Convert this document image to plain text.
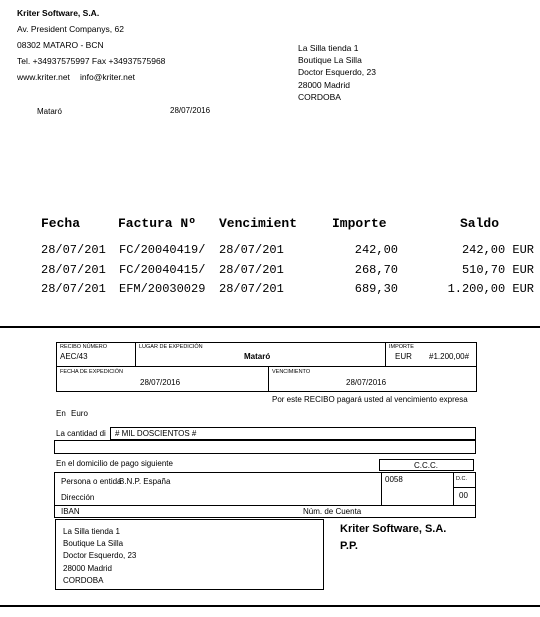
Kriter Software, S.A.
Av. President Companys, 62
08302 MATARO - BCN
Tel. +34937575997 Fax +34937575968
www.kriter.net info@kriter.net
La Silla tienda 1
Boutique La Silla
Doctor Esquerdo, 23
28000 Madrid
CORDOBA
Mataró	28/07/2016
Fecha	Factura Nº Vencimient	Importe	Saldo
28/07/201 FC/20040419/ 28/07/201	242,00	242,00 EUR
28/07/201 FC/20040415/ 28/07/201	268,70	510,70 EUR
28/07/201 EFM/20030029 28/07/201	689,30	1.200,00 EUR
RECIBO NÚMERO
AEC/43
LUGAR DE EXPEDICIÓN
Mataró
IMPORTE
EUR #1.200,00#
FECHA DE EXPEDICIÓN
28/07/2016
VENCIMIENTO
28/07/2016
Por este RECIBO pagará usted al vencimiento expresa
En Euro
La cantidad di # MIL DOSCIENTOS #
En el domicilio de pago siguiente	C.C.C.
Persona o entida
B.N.P. España	0058	D.C.
00
Dirección
IBAN	Núm. de Cuenta
La Silla tienda 1
Boutique La Silla
Doctor Esquerdo, 23
28000 Madrid
CORDOBA
Kriter Software, S.A.
P.P.
